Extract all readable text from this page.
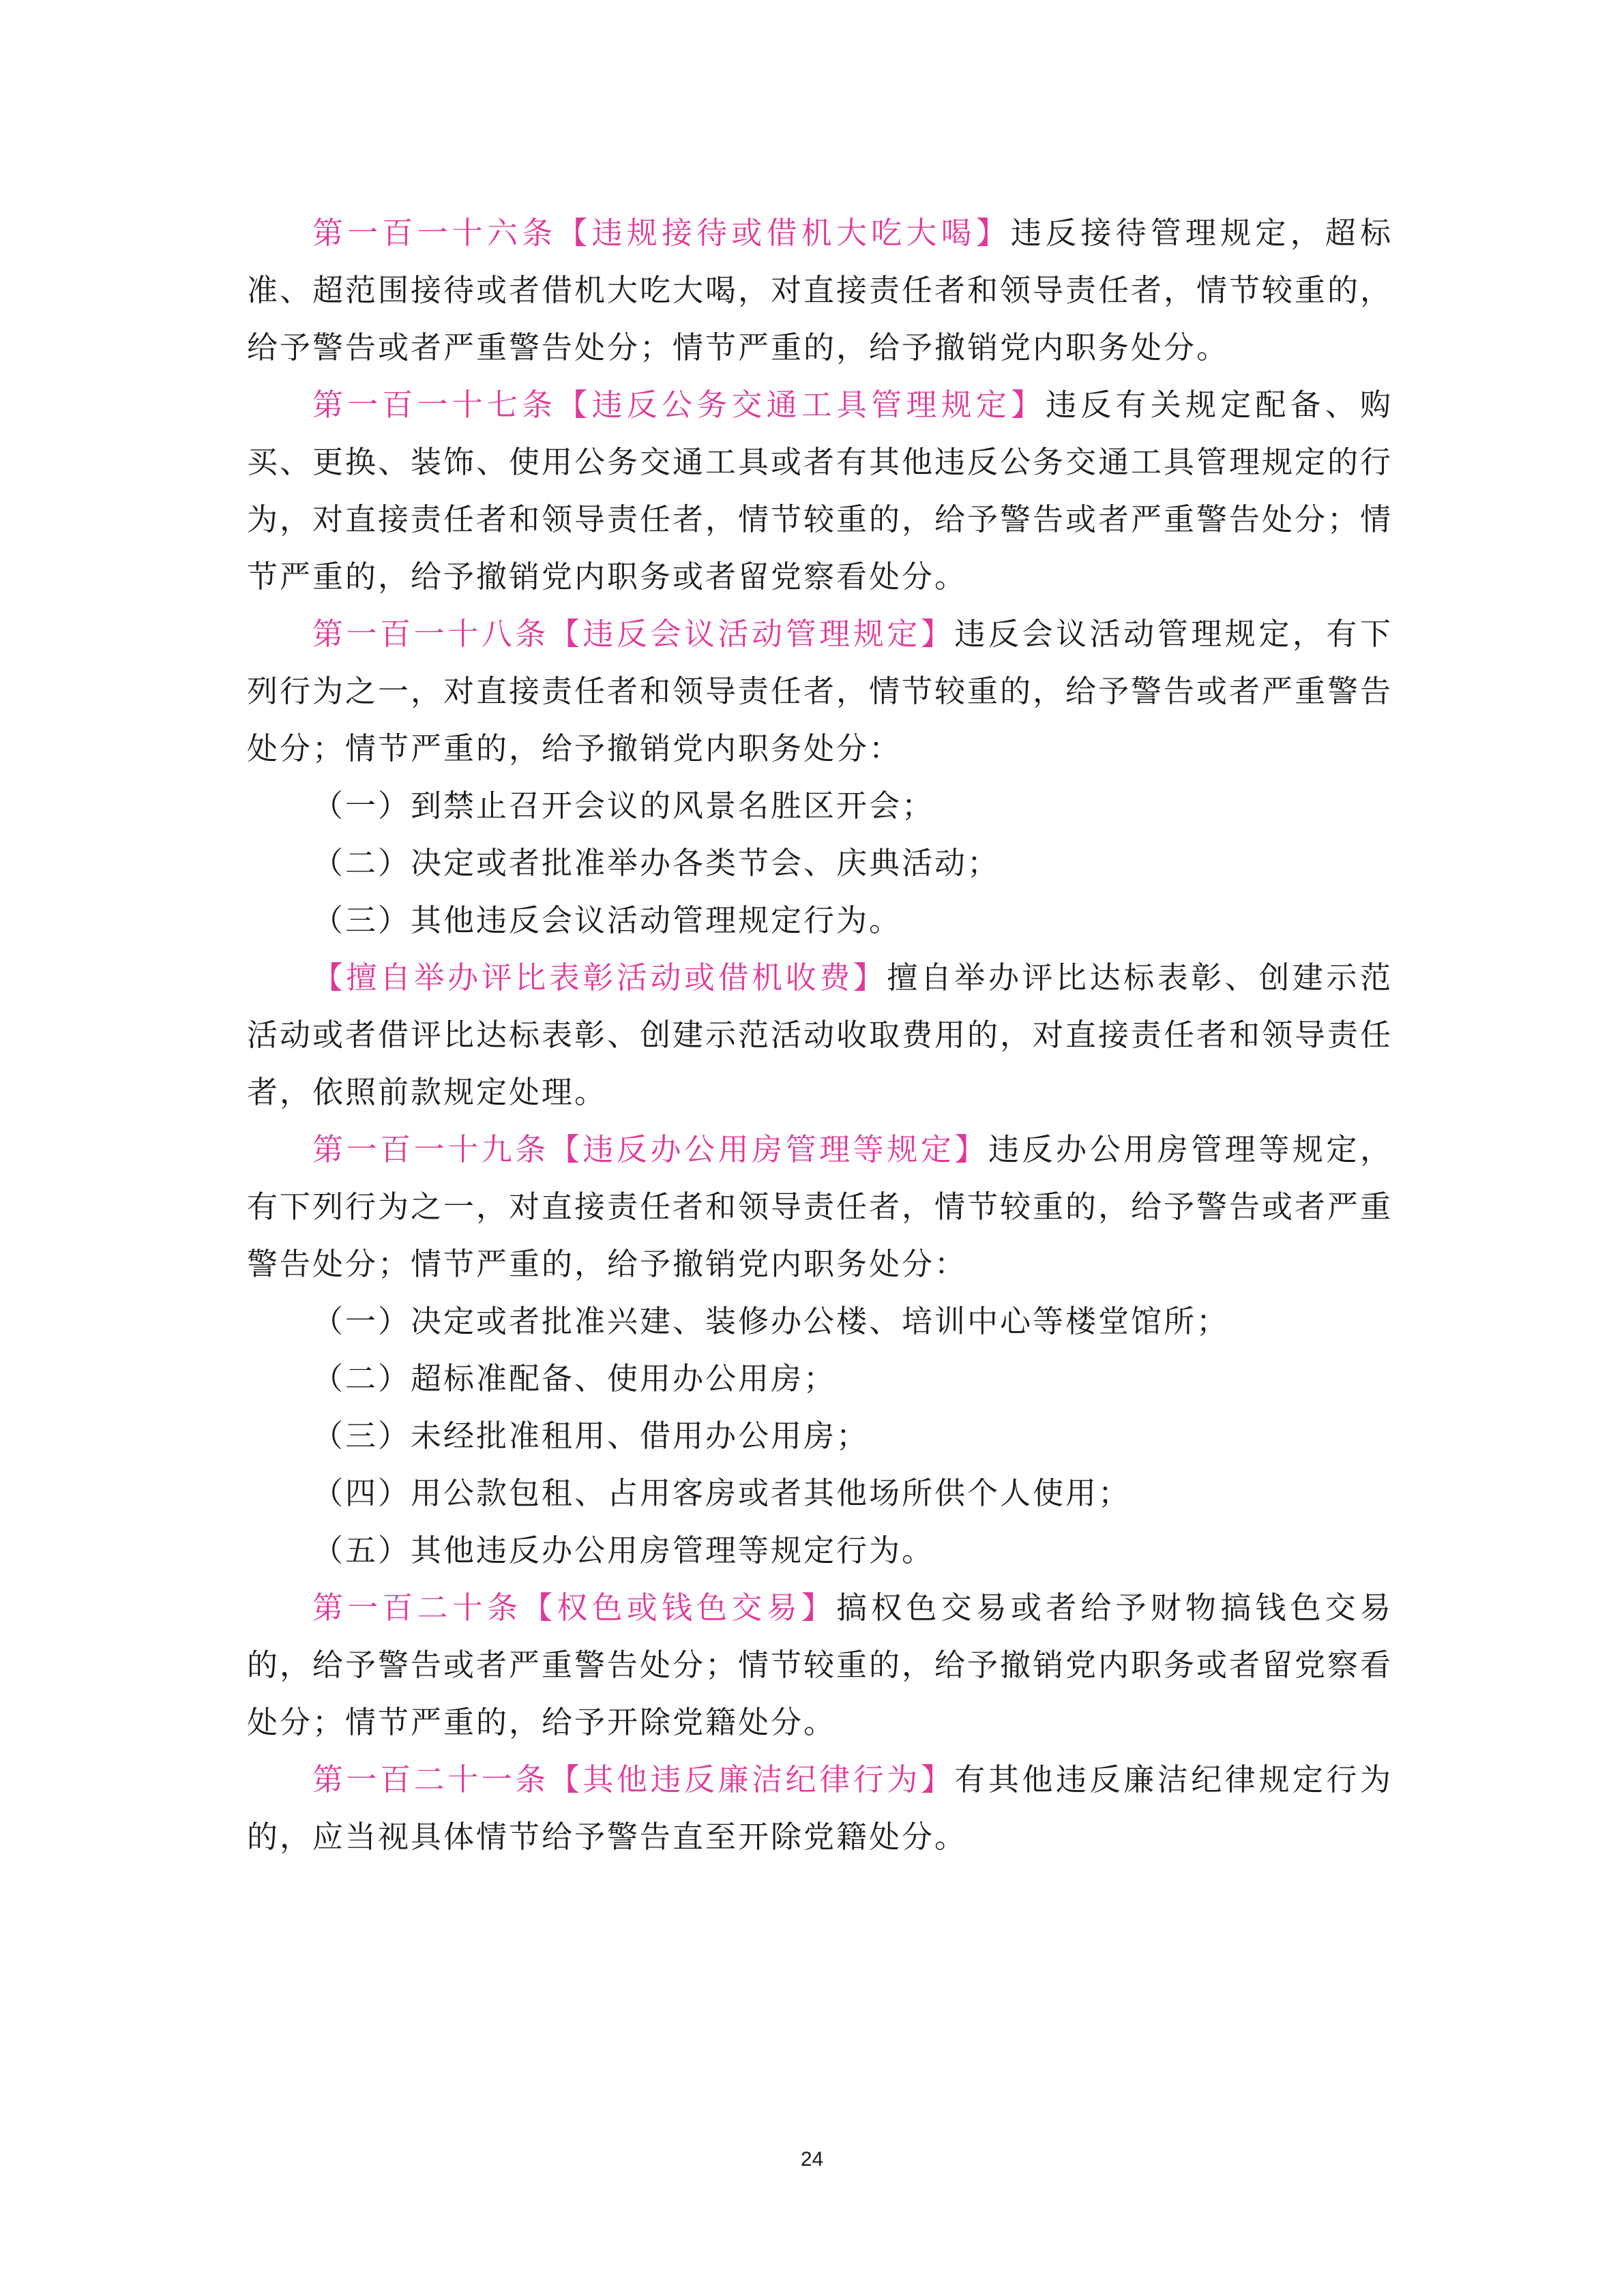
第一百一十六条【违规接待或借机大吃大喝】违反接待管理规定，超标准、超范围接待或者借机大吃大喝，对直接责任者和领导责任者，情节较重的，给予警告或者严重警告处分；情节严重的，给予撤销党内职务处分。

第一百一十七条【违反公务交通工具管理规定】违反有关规定配备、购买、更换、装饰、使用公务交通工具或者有其他违反公务交通工具管理规定的行为，对直接责任者和领导责任者，情节较重的，给予警告或者严重警告处分；情节严重的，给予撤销党内职务或者留党察看处分。

第一百一十八条【违反会议活动管理规定】违反会议活动管理规定，有下列行为之一，对直接责任者和领导责任者，情节较重的，给予警告或者严重警告处分；情节严重的，给予撤销党内职务处分：

（一）到禁止召开会议的风景名胜区开会；

（二）决定或者批准举办各类节会、庆典活动；

（三）其他违反会议活动管理规定行为。

【擅自举办评比表彰活动或借机收费】擅自举办评比达标表彰、创建示范活动或者借评比达标表彰、创建示范活动收取费用的，对直接责任者和领导责任者，依照前款规定处理。

第一百一十九条【违反办公用房管理等规定】违反办公用房管理等规定，有下列行为之一，对直接责任者和领导责任者，情节较重的，给予警告或者严重警告处分；情节严重的，给予撤销党内职务处分：

（一）决定或者批准兴建、装修办公楼、培训中心等楼堂馆所；

（二）超标准配备、使用办公用房；

（三）未经批准租用、借用办公用房；

（四）用公款包租、占用客房或者其他场所供个人使用；

（五）其他违反办公用房管理等规定行为。

第一百二十条【权色或钱色交易】搞权色交易或者给予财物搞钱色交易的，给予警告或者严重警告处分；情节较重的，给予撤销党内职务或者留党察看处分；情节严重的，给予开除党籍处分。

第一百二十一条【其他违反廉洁纪律行为】有其他违反廉洁纪律规定行为的，应当视具体情节给予警告直至开除党籍处分。

24
